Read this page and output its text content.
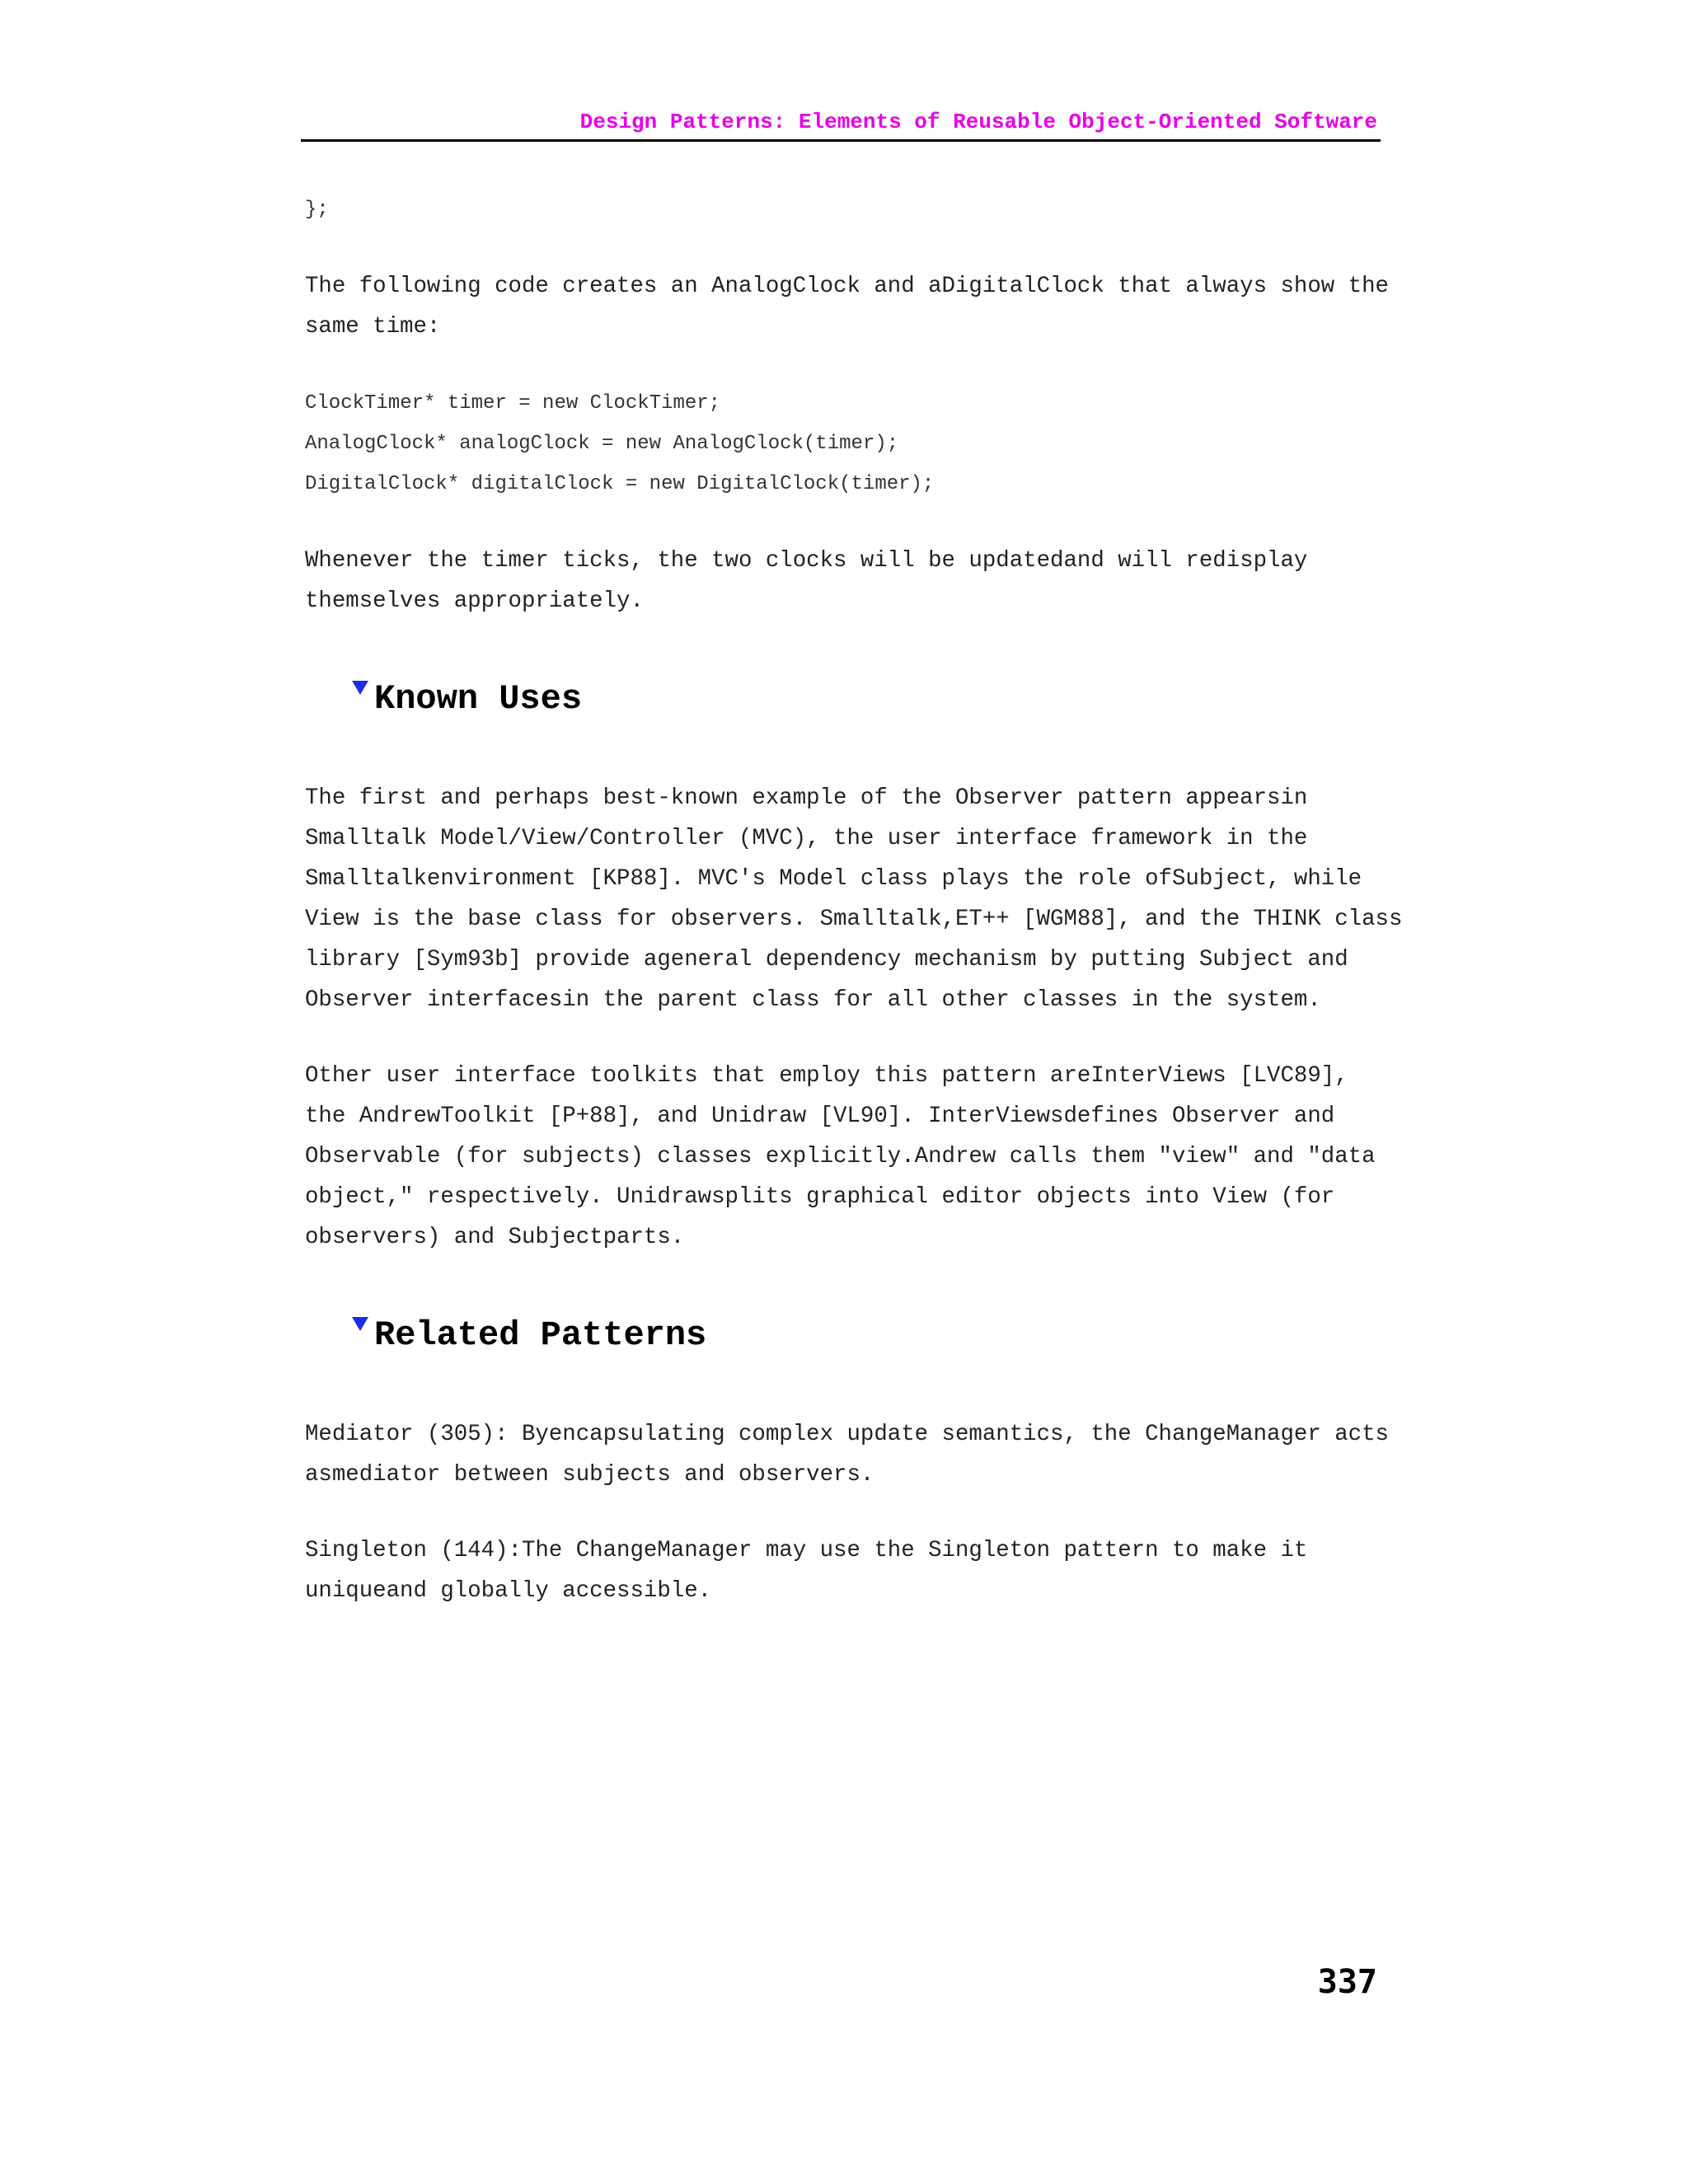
Design Patterns: Elements of Reusable Object-Oriented Software

};

The following code creates an AnalogClock and aDigitalClock that always show the
same time:

ClockTimer* timer = new ClockTimer;

AnalogClock* analogClock = new AnalogClock(timer);

DigitalClock* digitalClock = new DigitalClock(timer);

Whenever the timer ticks, the two clocks will be updatedand will redisplay
themselves appropriately.

Known Uses

The first and perhaps best-known example of the Observer pattern appearsin
Smalltalk Model/View/Controller (MVC), the user interface framework in the
Smalltalkenvironment [KP88]. MVC's Model class plays the role ofSubject, while
View is the base class for observers. Smalltalk,ET++ [WGM88], and the THINK class
library [Sym93b] provide ageneral dependency mechanism by putting Subject and
Observer interfacesin the parent class for all other classes in the system.

Other user interface toolkits that employ this pattern areInterViews [LVC89],
the AndrewToolkit [P+88], and Unidraw [VL90]. InterViewsdefines Observer and
Observable (for subjects) classes explicitly.Andrew calls them "view" and "data
object," respectively. Unidrawsplits graphical editor objects into View (for
observers) and Subjectparts.

Related Patterns

Mediator (305): Byencapsulating complex update semantics, the ChangeManager acts
asmediator between subjects and observers.

Singleton (144):The ChangeManager may use the Singleton pattern to make it
uniqueand globally accessible.

337
